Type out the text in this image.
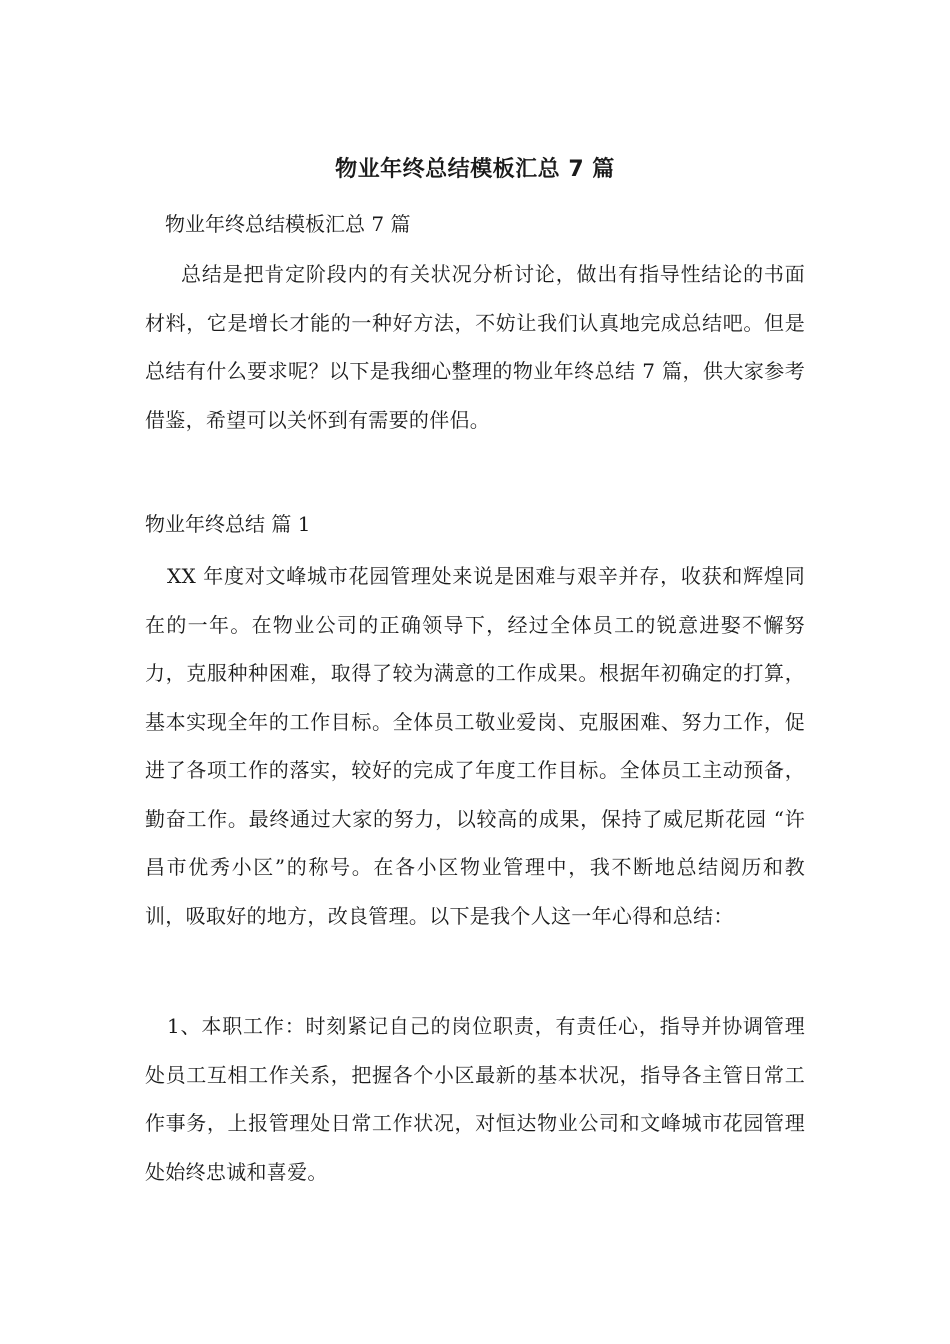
物业年终总结模板汇总 7 篇
物业年终总结模板汇总 7 篇
总结是把肯定阶段内的有关状况分析讨论，做出有指导性结论的书面材料，它是增长才能的一种好方法，不妨让我们认真地完成总结吧。但是总结有什么要求呢？以下是我细心整理的物业年终总结 7 篇，供大家参考借鉴，希望可以关怀到有需要的伴侣。
物业年终总结 篇 1
XX 年度对文峰城市花园管理处来说是困难与艰辛并存，收获和辉煌同在的一年。在物业公司的正确领导下，经过全体员工的锐意进娶不懈努力，克服种种困难，取得了较为满意的工作成果。根据年初确定的打算，基本实现全年的工作目标。全体员工敬业爱岗、克服困难、努力工作，促进了各项工作的落实，较好的完成了年度工作目标。全体员工主动预备，勤奋工作。最终通过大家的努力，以较高的成果，保持了威尼斯花园 “许昌市优秀小区”的称号。在各小区物业管理中，我不断地总结阅历和教训，吸取好的地方，改良管理。以下是我个人这一年心得和总结：
1、本职工作：时刻紧记自己的岗位职责，有责任心，指导并协调管理处员工互相工作关系，把握各个小区最新的基本状况，指导各主管日常工作事务，上报管理处日常工作状况，对恒达物业公司和文峰城市花园管理处始终忠诚和喜爱。
